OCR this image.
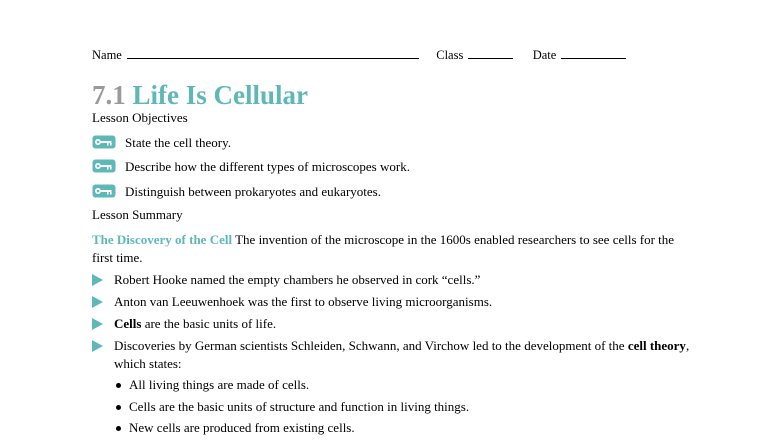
Name	Class	Date
7.1 Life Is Cellular
Lesson Objectives
State the cell theory.
Describe how the different types of microscopes work.
Distinguish between prokaryotes and eukaryotes.
Lesson Summary
The Discovery of the Cell The invention of the microscope in the 1600s enabled researchers to see cells for the first time.
Robert Hooke named the empty chambers he observed in cork “cells.”
Anton van Leeuwenhoek was the first to observe living microorganisms.
Cells are the basic units of life.
Discoveries by German scientists Schleiden, Schwann, and Virchow led to the development of the cell theory, which states:
All living things are made of cells.
Cells are the basic units of structure and function in living things.
New cells are produced from existing cells.
